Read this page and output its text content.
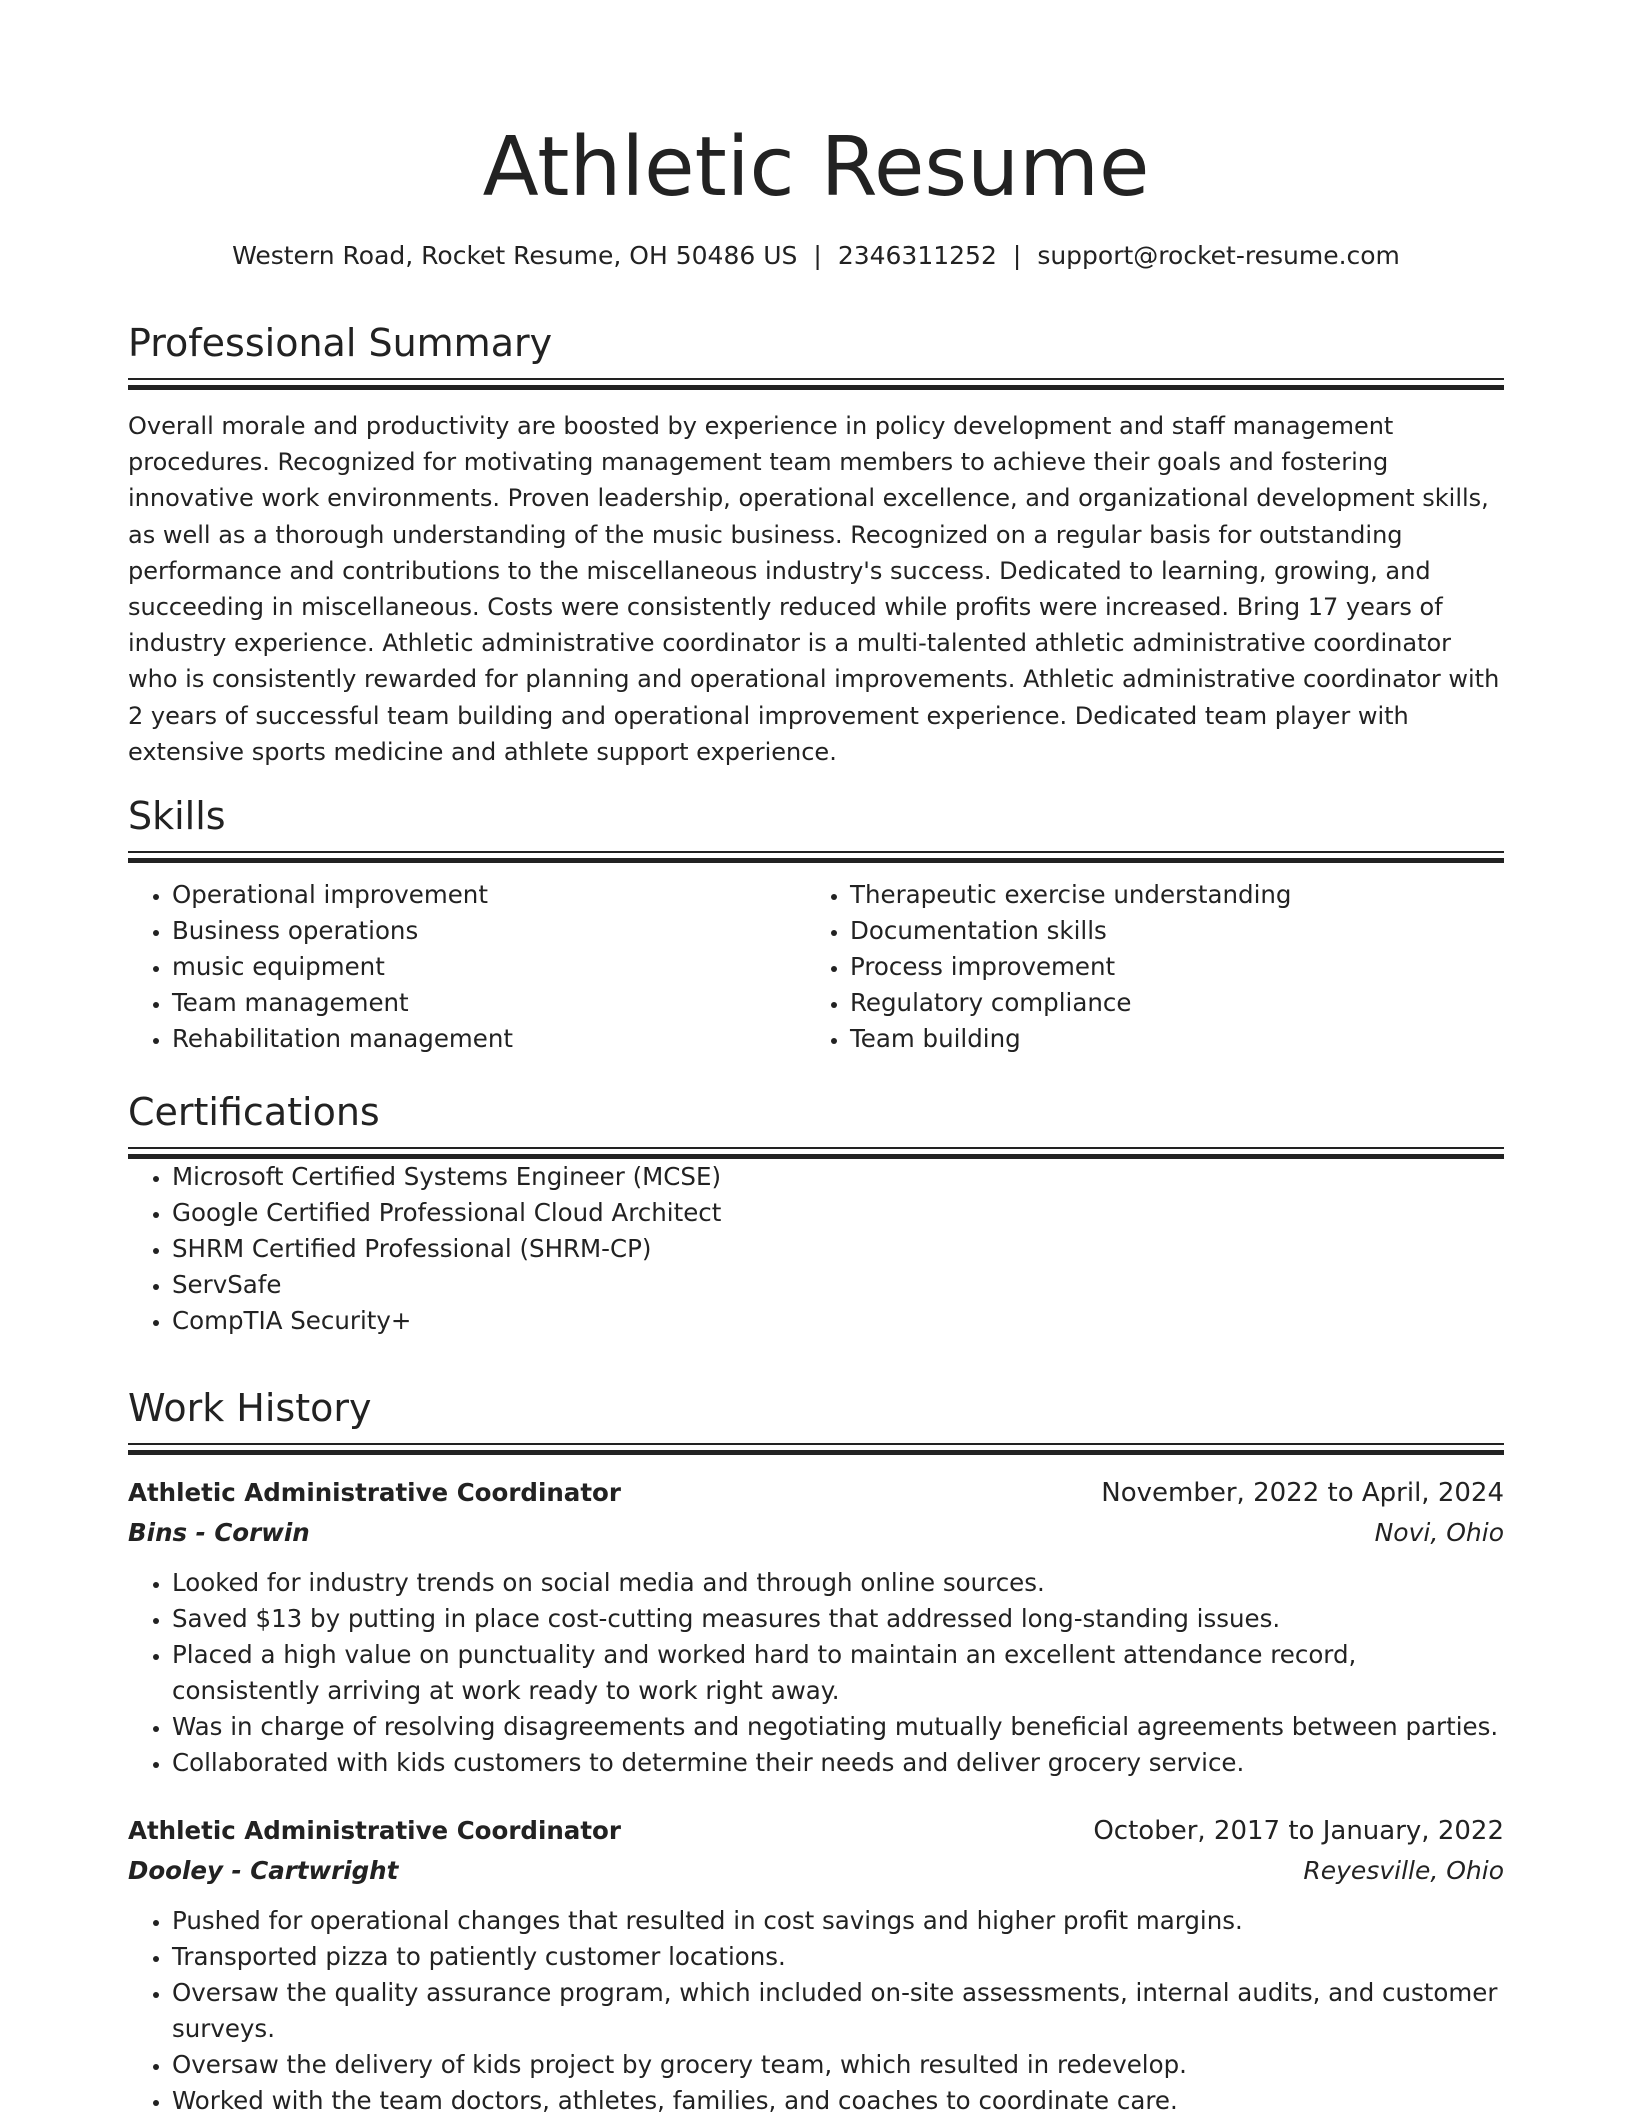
Athletic Resume
Western Road, Rocket Resume, OH 50486 US | 2346311252 | support@rocket-resume.com
Professional Summary

Overall morale and productivity are boosted by experience in policy development and staff management procedures. Recognized for motivating management team members to achieve their goals and fostering innovative work environments. Proven leadership, operational excellence, and organizational development skills, as well as a thorough understanding of the music business. Recognized on a regular basis for outstanding performance and contributions to the miscellaneous industry's success. Dedicated to learning, growing, and succeeding in miscellaneous. Costs were consistently reduced while profits were increased. Bring 17 years of industry experience. Athletic administrative coordinator is a multi-talented athletic administrative coordinator who is consistently rewarded for planning and operational improvements. Athletic administrative coordinator with 2 years of successful team building and operational improvement experience. Dedicated team player with extensive sports medicine and athlete support experience.

Skills
• Operational improvement
• Business operations
• music equipment
• Team management
• Rehabilitation management
• Therapeutic exercise understanding
• Documentation skills
• Process improvement
• Regulatory compliance
• Team building
Certifications
• Microsoft Certified Systems Engineer (MCSE)
• Google Certified Professional Cloud Architect
• SHRM Certified Professional (SHRM-CP)
• ServSafe
• CompTIA Security+
Work History
Athletic Administrative Coordinator	November, 2022 to April, 2024
Bins - Corwin	Novi, Ohio
• Looked for industry trends on social media and through online sources.
• Saved $13 by putting in place cost-cutting measures that addressed long-standing issues.
• Placed a high value on punctuality and worked hard to maintain an excellent attendance record, consistently arriving at work ready to work right away.
• Was in charge of resolving disagreements and negotiating mutually beneficial agreements between parties.
• Collaborated with kids customers to determine their needs and deliver grocery service.
Athletic Administrative Coordinator	October, 2017 to January, 2022
Dooley - Cartwright	Reyesville, Ohio
• Pushed for operational changes that resulted in cost savings and higher profit margins.
• Transported pizza to patiently customer locations.
• Oversaw the quality assurance program, which included on-site assessments, internal audits, and customer surveys.
• Oversaw the delivery of kids project by grocery team, which resulted in redevelop.
• Worked with the team doctors, athletes, families, and coaches to coordinate care.
